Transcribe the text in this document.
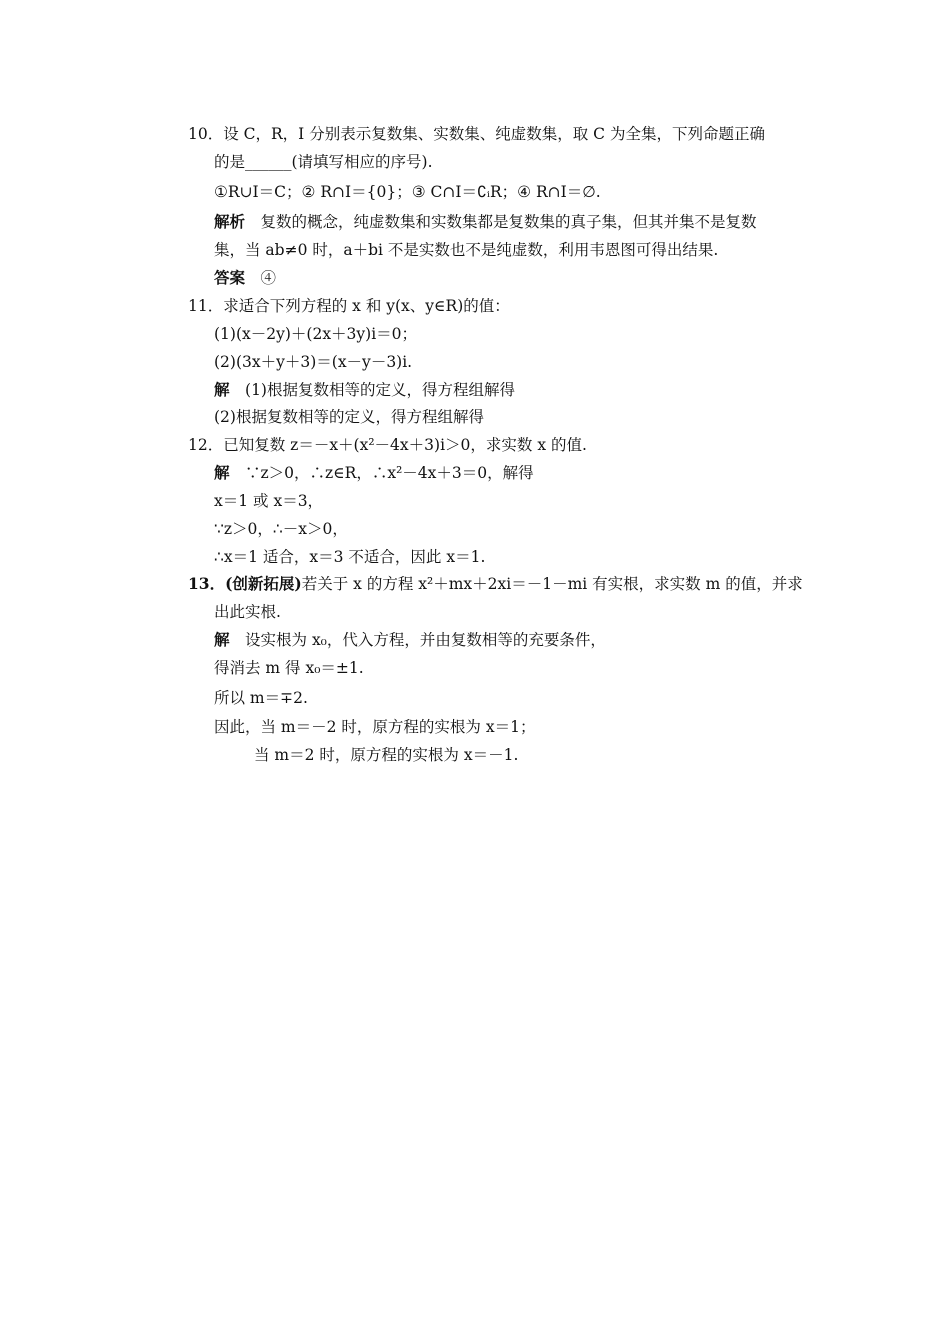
10．设 C，R，I 分别表示复数集、实数集、纯虚数集，取 C 为全集，下列命题正确
的是______(请填写相应的序号).
①R∪I＝C；② R∩I＝{0}；③ C∩I＝∁ᵢR；④ R∩I＝∅.
解析　复数的概念，纯虚数集和实数集都是复数集的真子集，但其并集不是复数
集，当 ab≠0 时，a＋bi 不是实数也不是纯虚数，利用韦恩图可得出结果.
答案　④
11．求适合下列方程的 x 和 y(x、y∈R)的值：
(1)(x－2y)＋(2x＋3y)i＝0；
(2)(3x＋y＋3)＝(x－y－3)i.
解　(1)根据复数相等的定义，得方程组解得
(2)根据复数相等的定义，得方程组解得
12．已知复数 z＝－x＋(x²－4x＋3)i＞0，求实数 x 的值.
解　∵z＞0，∴z∈R，∴x²－4x＋3＝0，解得
x＝1 或 x＝3，
∵z＞0，∴－x＞0，
∴x＝1 适合，x＝3 不适合，因此 x＝1.
13．(创新拓展)若关于 x 的方程 x²＋mx＋2xi＝－1－mi 有实根，求实数 m 的值，并求
出此实根.
解　设实根为 x₀，代入方程，并由复数相等的充要条件，
得消去 m 得 x₀＝±1.
所以 m＝∓2.
因此，当 m＝－2 时，原方程的实根为 x＝1；
当 m＝2 时，原方程的实根为 x＝－1.
